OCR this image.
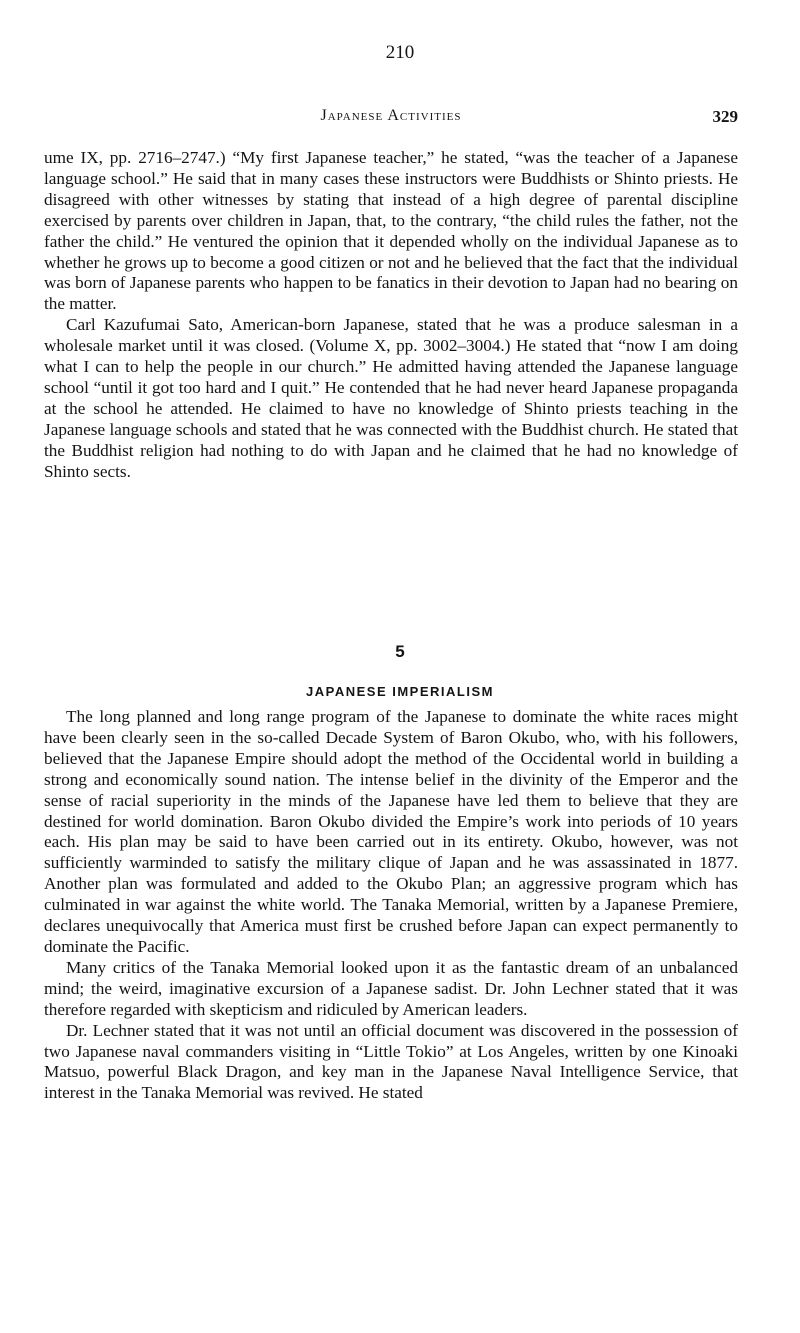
210
Japanese Activities	329

ume IX, pp. 2716–2747.) “My first Japanese teacher,” he stated, “was the teacher of a Japanese language school.” He said that in many cases these instructors were Buddhists or Shinto priests. He disagreed with other witnesses by stating that instead of a high degree of parental discipline exercised by parents over children in Japan, that, to the contrary, “the child rules the father, not the father the child.” He ventured the opinion that it depended wholly on the individual Japanese as to whether he grows up to become a good citizen or not and he believed that the fact that the individual was born of Japanese parents who happen to be fanatics in their devotion to Japan had no bearing on the matter.

Carl Kazufumai Sato, American-born Japanese, stated that he was a produce salesman in a wholesale market until it was closed. (Volume X, pp. 3002–3004.) He stated that “now I am doing what I can to help the people in our church.” He admitted having attended the Japanese language school “until it got too hard and I quit.” He contended that he had never heard Japanese propaganda at the school he attended. He claimed to have no knowledge of Shinto priests teaching in the Japanese language schools and stated that he was connected with the Buddhist church. He stated that the Buddhist religion had nothing to do with Japan and he claimed that he had no knowledge of Shinto sects.

5
JAPANESE IMPERIALISM

The long planned and long range program of the Japanese to dominate the white races might have been clearly seen in the so-called Decade System of Baron Okubo, who, with his followers, believed that the Japanese Empire should adopt the method of the Occidental world in building a strong and economically sound nation. The intense belief in the divinity of the Emperor and the sense of racial superiority in the minds of the Japanese have led them to believe that they are destined for world domination. Baron Okubo divided the Empire’s work into periods of 10 years each. His plan may be said to have been carried out in its entirety. Okubo, however, was not sufficiently warminded to satisfy the military clique of Japan and he was assassinated in 1877. Another plan was formulated and added to the Okubo Plan; an aggressive program which has culminated in war against the white world. The Tanaka Memorial, written by a Japanese Premiere, declares unequivocally that America must first be crushed before Japan can expect permanently to dominate the Pacific.

Many critics of the Tanaka Memorial looked upon it as the fantastic dream of an unbalanced mind; the weird, imaginative excursion of a Japanese sadist. Dr. John Lechner stated that it was therefore regarded with skepticism and ridiculed by American leaders.

Dr. Lechner stated that it was not until an official document was discovered in the possession of two Japanese naval commanders visiting in “Little Tokio” at Los Angeles, written by one Kinoaki Matsuo, powerful Black Dragon, and key man in the Japanese Naval Intelligence Service, that interest in the Tanaka Memorial was revived. He stated
